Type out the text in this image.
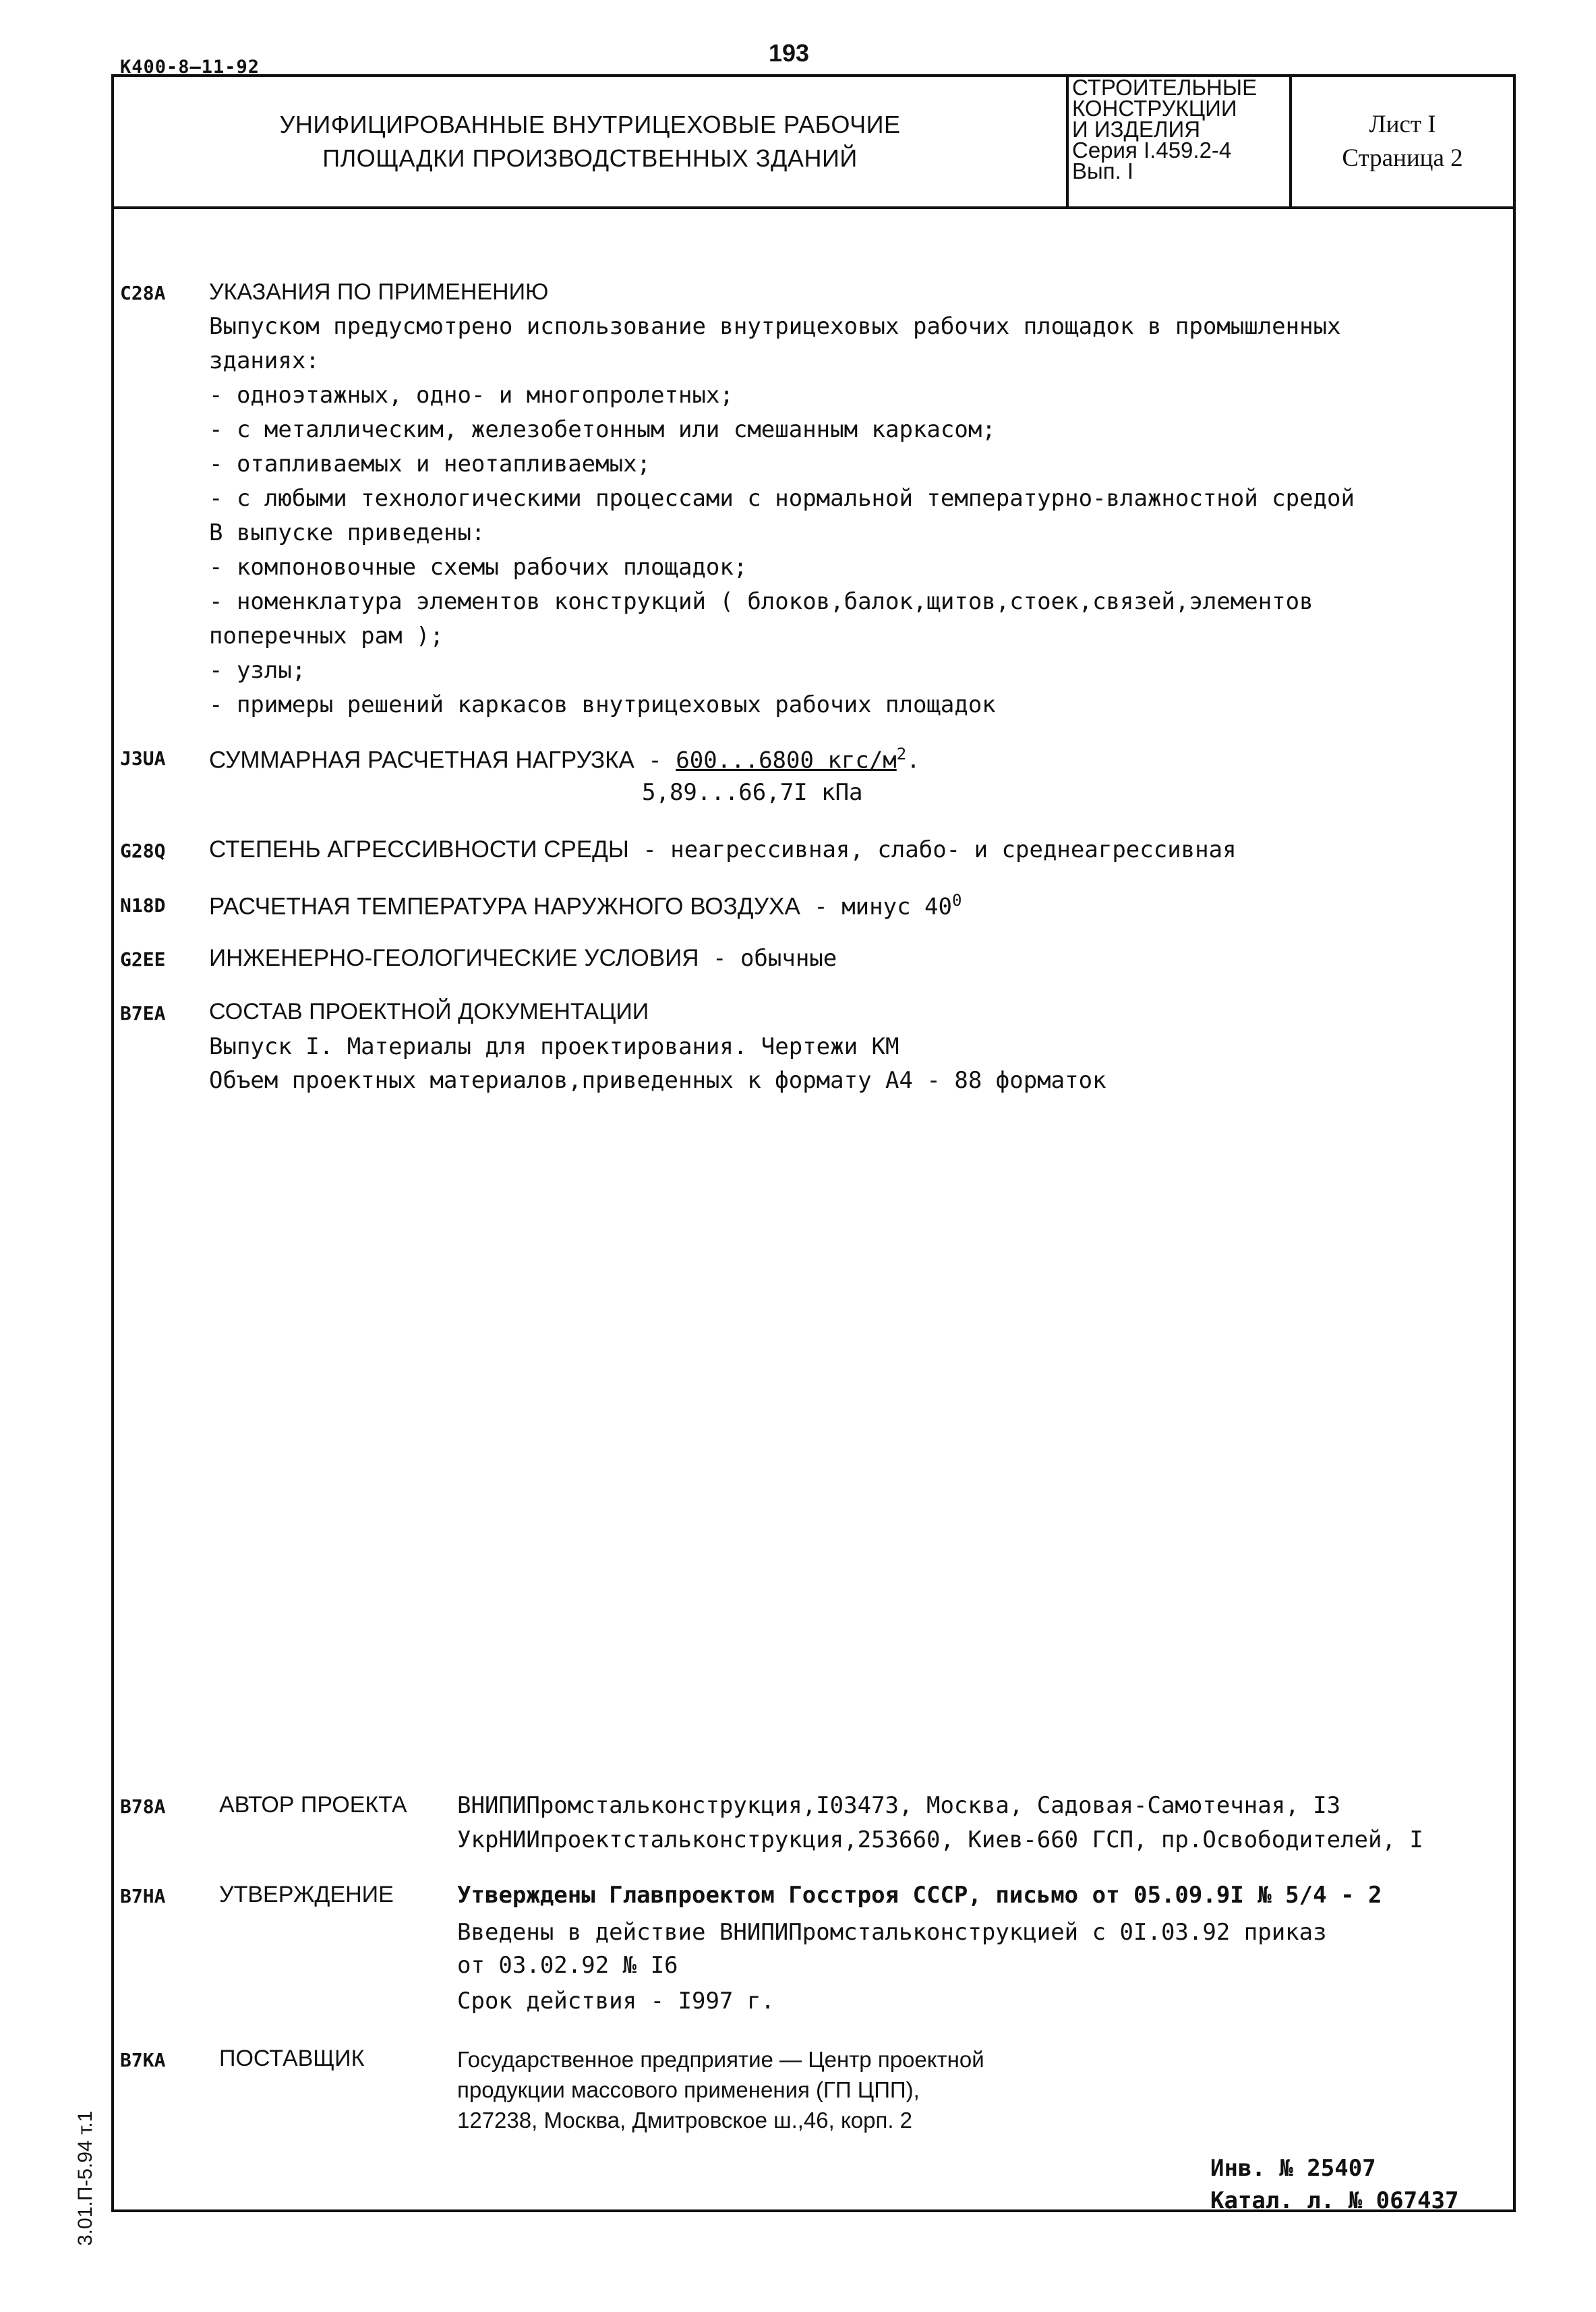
193
К400-8—11-92
УНИФИЦИРОВАННЫЕ ВНУТРИЦЕХОВЫЕ РАБОЧИЕ
ПЛОЩАДКИ ПРОИЗВОДСТВЕННЫХ ЗДАНИЙ
СТРОИТЕЛЬНЫЕ
КОНСТРУКЦИИ
И ИЗДЕЛИЯ
Серия I.459.2-4
Вып. I
Лист I
Страница 2
C28A УКАЗАНИЯ ПО ПРИМЕНЕНИЮ
Выпуском предусмотрено использование внутрицеховых рабочих площадок в промышленных
зданиях:
- одноэтажных, одно- и многопролетных;
- с металлическим, железобетонным или смешанным каркасом;
- отапливаемых и неотапливаемых;
- с любыми технологическими процессами с нормальной температурно-влажностной средой
В выпуске приведены:
- компоновочные схемы рабочих площадок;
- номенклатура элементов конструкций ( блоков,балок,щитов,стоек,связей,элементов
поперечных рам );
- узлы;
- примеры решений каркасов внутрицеховых рабочих площадок
J3UA СУММАРНАЯ РАСЧЕТНАЯ НАГРУЗКА - 600...6800 кгс/$м^2$.
5,89...66,7I кПа
G28Q СТЕПЕНЬ АГРЕССИВНОСТИ СРЕДЫ - неагрессивная, слабо- и среднеагрессивная
N18D РАСЧЕТНАЯ ТЕМПЕРАТУРА НАРУЖНОГО ВОЗДУХА - минус $40^0$
G2EE ИНЖЕНЕРНО-ГЕОЛОГИЧЕСКИЕ УСЛОВИЯ - обычные
B7EA СОСТАВ ПРОЕКТНОЙ ДОКУМЕНТАЦИИ
Выпуск I. Материалы для проектирования. Чертежи КМ
Объем проектных материалов,приведенных к формату А4 - 88 форматок
B78A АВТОР ПРОЕКТА ВНИПИПромстальконструкция,I03473, Москва, Садовая-Самотечная, I3
УкрНИИпроектстальконструкция,253660, Киев-660 ГСП, пр.Освободителей, I
B7HA УТВЕРЖДЕНИЕ	Утверждены Главпроектом Госстроя СССР, письмо от 05.09.9I № 5/4 - 2
Введены в действие ВНИПИПромстальконструкцией с 0I.03.92 приказ
от 03.02.92 № I6
Срок действия - I997 г.
B7KA ПОСТАВЩИК	Государственное предприятие — Центр проектной
продукции массового применения (ГП ЦПП),
127238, Москва, Дмитровское ш.,46, корп. 2
Инв. № 25407
Катал. л. № 067437
3.01.П-5.94 т.1
